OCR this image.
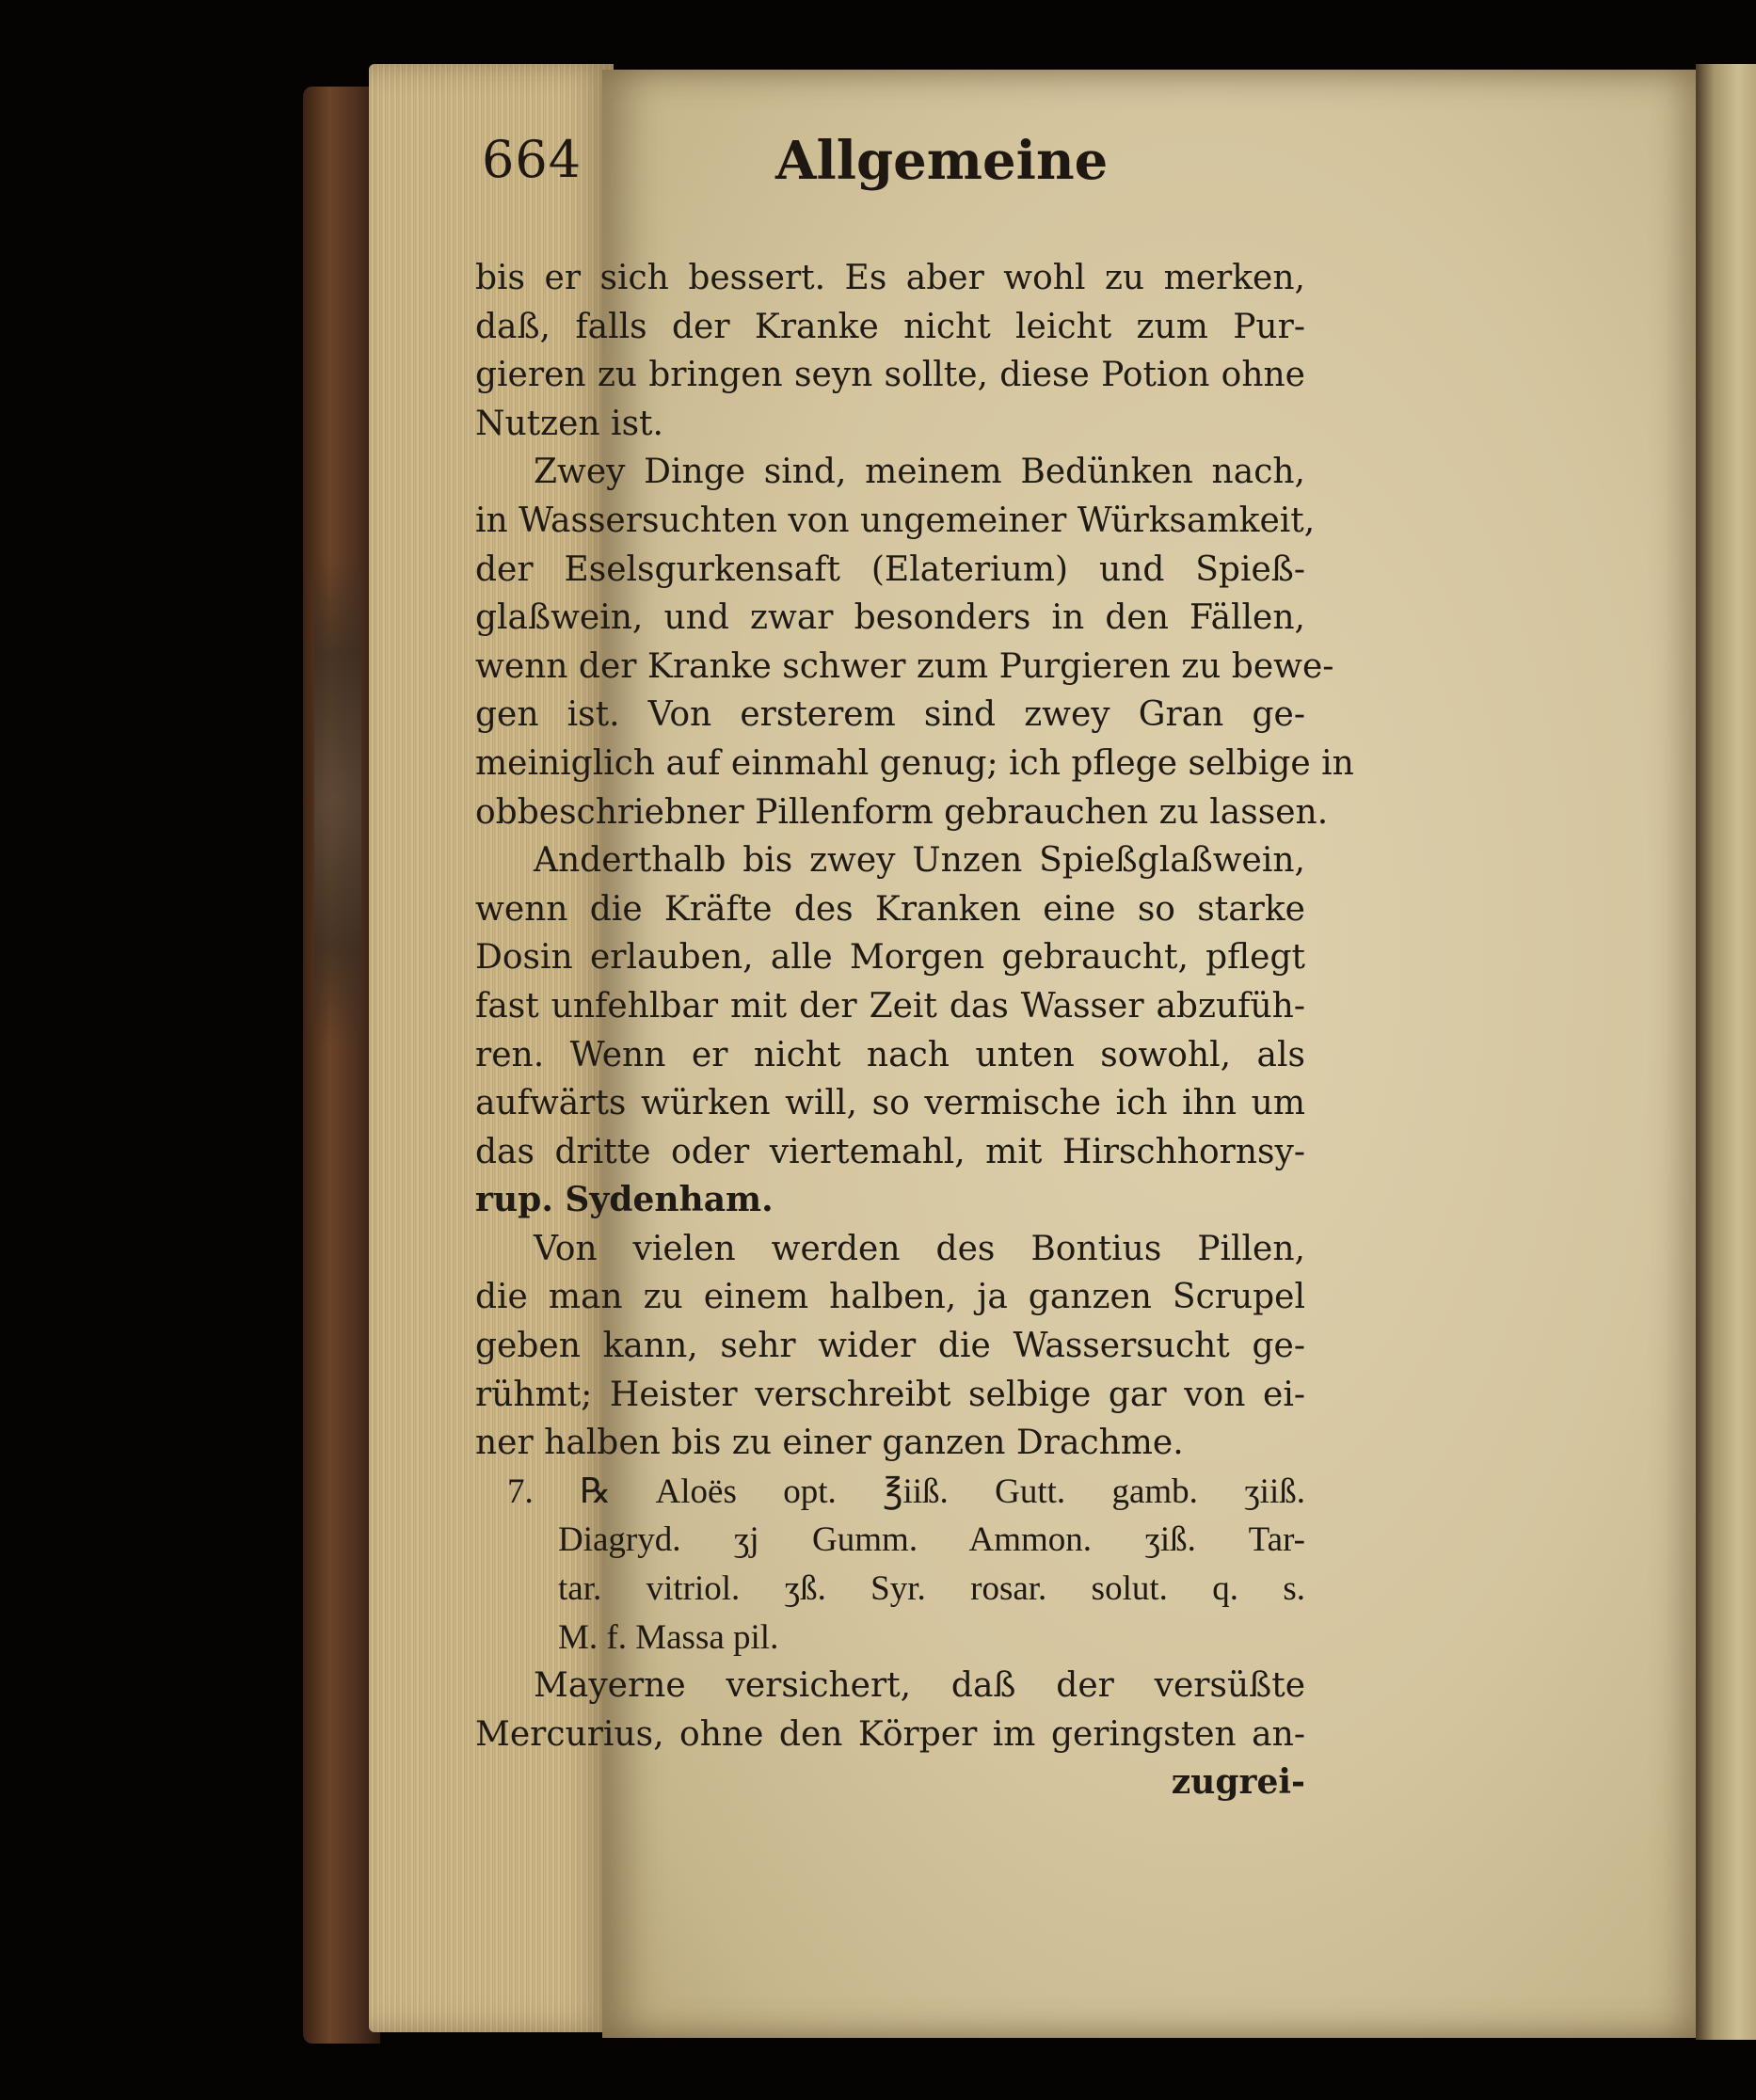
664	Allgemeine

bis er sich bessert. Es aber wohl zu merken,
daß, falls der Kranke nicht leicht zum Pur-
gieren zu bringen seyn sollte, diese Potion ohne
Nutzen ist.

Zwey Dinge sind, meinem Bedünken nach,
in Wassersuchten von ungemeiner Würksamkeit,
der Eselsgurkensaft (Elaterium) und Spieß-
glaßwein, und zwar besonders in den Fällen,
wenn der Kranke schwer zum Purgieren zu bewe-
gen ist. Von ersterem sind zwey Gran ge-
meiniglich auf einmahl genug; ich pflege selbige in
obbeschriebner Pillenform gebrauchen zu lassen.

Anderthalb bis zwey Unzen Spießglaßwein,
wenn die Kräfte des Kranken eine so starke
Dosin erlauben, alle Morgen gebraucht, pflegt
fast unfehlbar mit der Zeit das Wasser abzufüh-
ren. Wenn er nicht nach unten sowohl, als
aufwärts würken will, so vermische ich ihn um
das dritte oder viertemahl, mit Hirschhornsy-
rup. Sydenham.

Von vielen werden des Bontius Pillen,
die man zu einem halben, ja ganzen Scrupel
geben kann, sehr wider die Wassersucht ge-
rühmt; Heister verschreibt selbige gar von ei-
ner halben bis zu einer ganzen Drachme.

7. ℞ Aloës opt. ℥iiß. Gutt. gamb. ʒiiß.
Diagryd. ʒj Gumm. Ammon. ʒiß. Tar-
tar. vitriol. ʒß. Syr. rosar. solut. q. s.
M. f. Massa pil.

Mayerne versichert, daß der versüßte
Mercurius, ohne den Körper im geringsten an-

zugrei-
